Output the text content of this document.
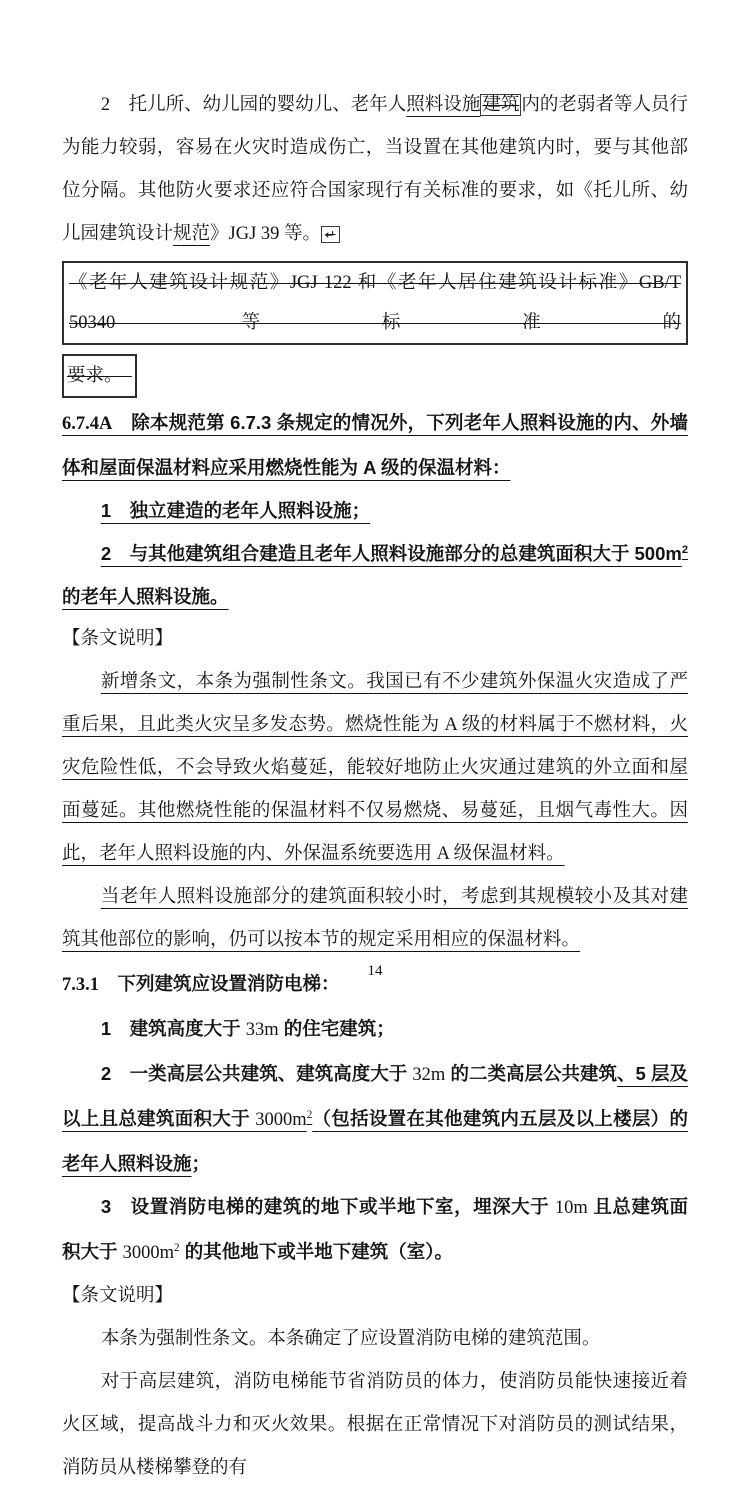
2　托儿所、幼儿园的婴幼儿、老年人照料设施 建筑 内的老弱者等人员行为能力较弱，容易在火灾时造成伤亡，当设置在其他建筑内时，要与其他部位分隔。其他防火要求还应符合国家现行有关标准的要求，如《托儿所、幼儿园建筑设计规范》JGJ 39 等。 ↵

《老年人建筑设计规范》JGJ 122 和《老年人居住建筑设计标准》GB/T 50340 等标准的
要求。　

6.7.4A　除本规范第 6.7.3 条规定的情况外，下列老年人照料设施的内、外墙体和屋面保温材料应采用燃烧性能为 A 级的保温材料：

1　独立建造的老年人照料设施；

2　与其他建筑组合建造且老年人照料设施部分的总建筑面积大于 $500m^2$ 的老年人照料设施。

【条文说明】

新增条文，本条为强制性条文。我国已有不少建筑外保温火灾造成了严重后果，且此类火灾呈多发态势。燃烧性能为 A 级的材料属于不燃材料，火灾危险性低，不会导致火焰蔓延，能较好地防止火灾通过建筑的外立面和屋面蔓延。其他燃烧性能的保温材料不仅易燃烧、易蔓延，且烟气毒性大。因此，老年人照料设施的内、外保温系统要选用 A 级保温材料。

当老年人照料设施部分的建筑面积较小时，考虑到其规模较小及其对建筑其他部位的影响，仍可以按本节的规定采用相应的保温材料。

7.3.1　下列建筑应设置消防电梯：

1　建筑高度大于 33m 的住宅建筑；

2　一类高层公共建筑、建筑高度大于 32m 的二类高层公共建筑、5 层及以上且总建筑面积大于 $3000m^2$（包括设置在其他建筑内五层及以上楼层）的老年人照料设施；

3　设置消防电梯的建筑的地下或半地下室，埋深大于 10m 且总建筑面积大于 $3000m^2$ 的其他地下或半地下建筑（室）。

【条文说明】

本条为强制性条文。本条确定了应设置消防电梯的建筑范围。

对于高层建筑，消防电梯能节省消防员的体力，使消防员能快速接近着火区域，提高战斗力和灭火效果。根据在正常情况下对消防员的测试结果，消防员从楼梯攀登的有

14
